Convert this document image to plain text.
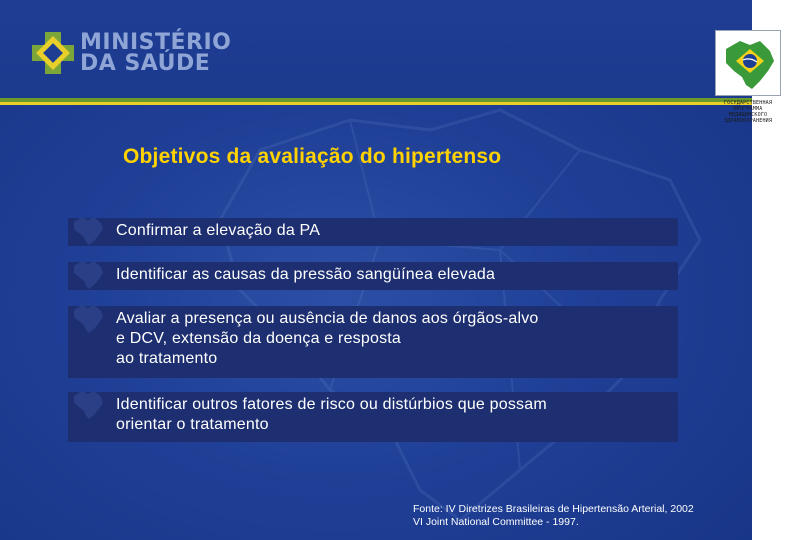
MINISTÉRIO
DA SAÚDE
ГОСУДАРСТВЕННАЯ ПРОГРАММА МЕДИЦИНСКОГО ЗДРАВООХРАНЕНИЯ
Objetivos da avaliação do hipertenso
Confirmar a elevação da PA
Identificar as causas da pressão sangüínea elevada
Avaliar a presença ou ausência de danos aos órgãos-alvo
e DCV, extensão da doença e resposta
ao tratamento
Identificar outros fatores de risco ou distúrbios que possam
orientar o tratamento
Fonte: IV Diretrizes Brasileiras de Hipertensão Arterial, 2002
VI Joint National Committee - 1997.
